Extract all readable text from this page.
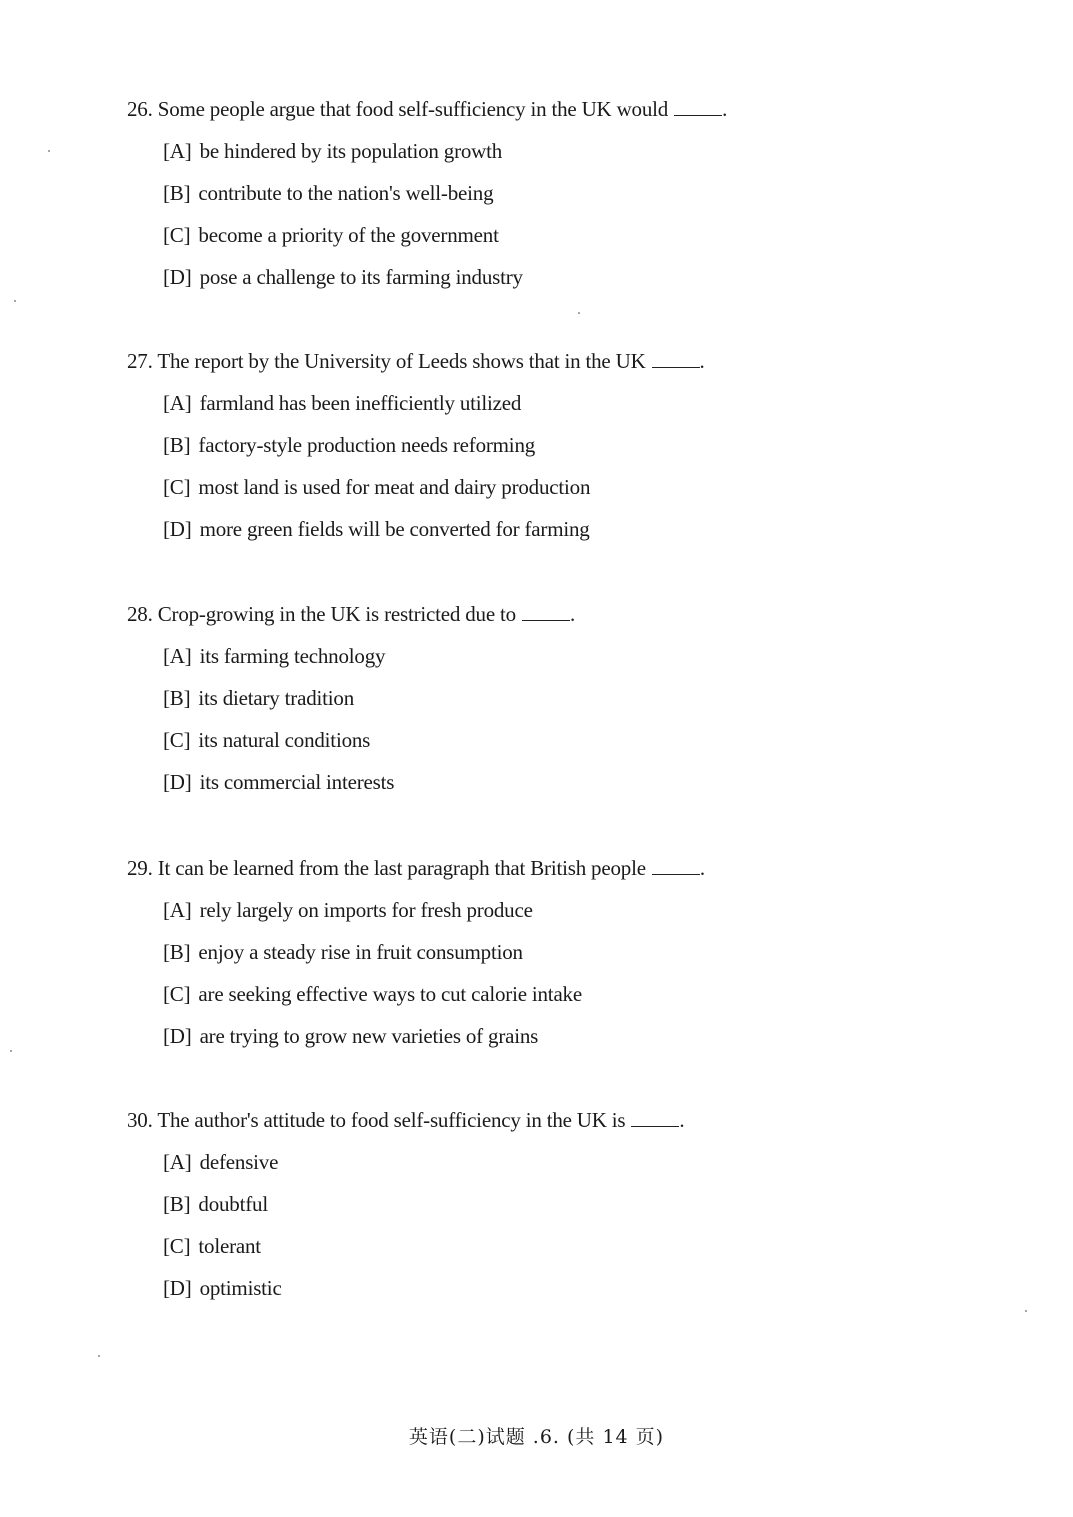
26. Some people argue that food self-sufficiency in the UK would	.
[A] be hindered by its population growth
[B] contribute to the nation's well-being
[C] become a priority of the government
[D] pose a challenge to its farming industry
27. The report by the University of Leeds shows that in the UK	.
[A] farmland has been inefficiently utilized
[B] factory-style production needs reforming
[C] most land is used for meat and dairy production
[D] more green fields will be converted for farming
28. Crop-growing in the UK is restricted due to	.
[A] its farming technology
[B] its dietary tradition
[C] its natural conditions
[D] its commercial interests
29. It can be learned from the last paragraph that British people	.
[A] rely largely on imports for fresh produce
[B] enjoy a steady rise in fruit consumption
[C] are seeking effective ways to cut calorie intake
[D] are trying to grow new varieties of grains
30. The author's attitude to food self-sufficiency in the UK is	.
[A] defensive
[B] doubtful
[C] tolerant
[D] optimistic
英语(二)试题 .6. (共 14 页)
